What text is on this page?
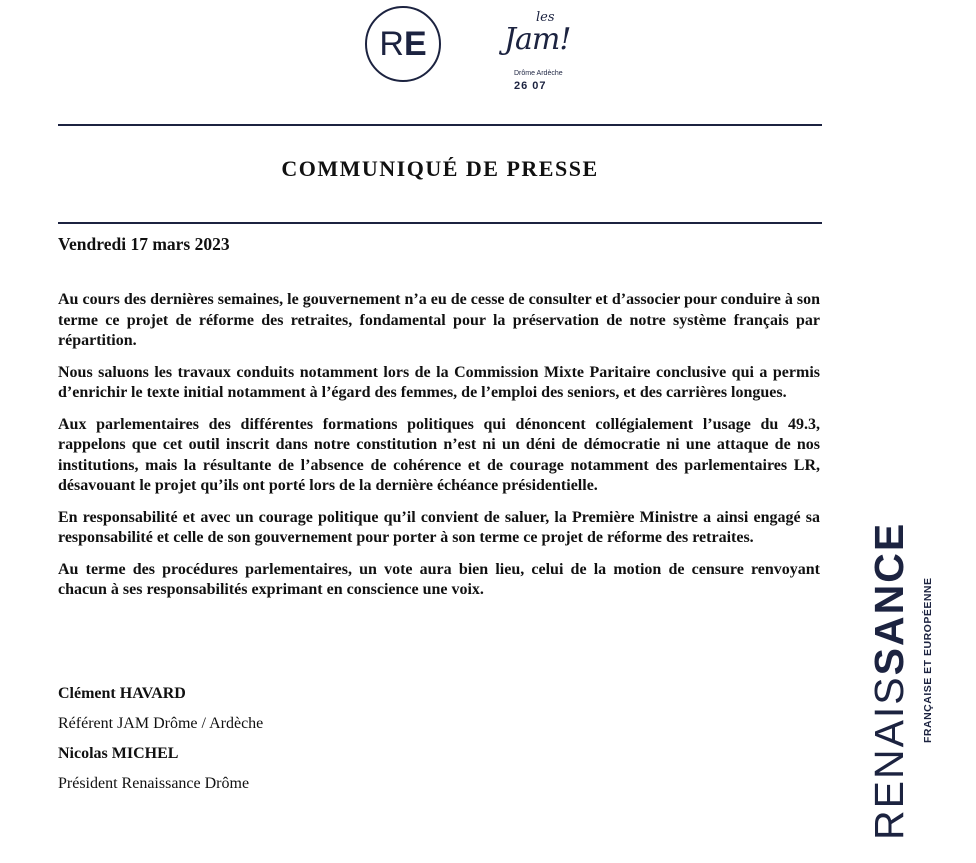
R E
les
Jam!
Drôme Ardèche
26 07
COMMUNIQUÉ DE PRESSE
Vendredi 17 mars 2023

Au cours des dernières semaines, le gouvernement n’a eu de cesse de consulter et d’associer pour conduire à son terme ce projet de réforme des retraites, fondamental pour la préservation de notre système français par répartition.

Nous saluons les travaux conduits notamment lors de la Commission Mixte Paritaire conclusive qui a permis d’enrichir le texte initial notamment à l’égard des femmes, de l’emploi des seniors, et des carrières longues.

Aux parlementaires des différentes formations politiques qui dénoncent collégialement l’usage du 49.3, rappelons que cet outil inscrit dans notre constitution n’est ni un déni de démocratie ni une attaque de nos institutions, mais la résultante de l’absence de cohérence et de courage notamment des parlementaires LR, désavouant le projet qu’ils ont porté lors de la dernière échéance présidentielle.

En responsabilité et avec un courage politique qu’il convient de saluer, la Première Ministre a ainsi engagé sa responsabilité et celle de son gouvernement pour porter à son terme ce projet de réforme des retraites.

Au terme des procédures parlementaires, un vote aura bien lieu, celui de la motion de censure renvoyant chacun à ses responsabilités exprimant en conscience une voix.

Clément HAVARD
Référent JAM Drôme / Ardèche
Nicolas MICHEL
Président Renaissance Drôme	RENAISSANCE FRANÇAISE ET EUROPÉENNE
